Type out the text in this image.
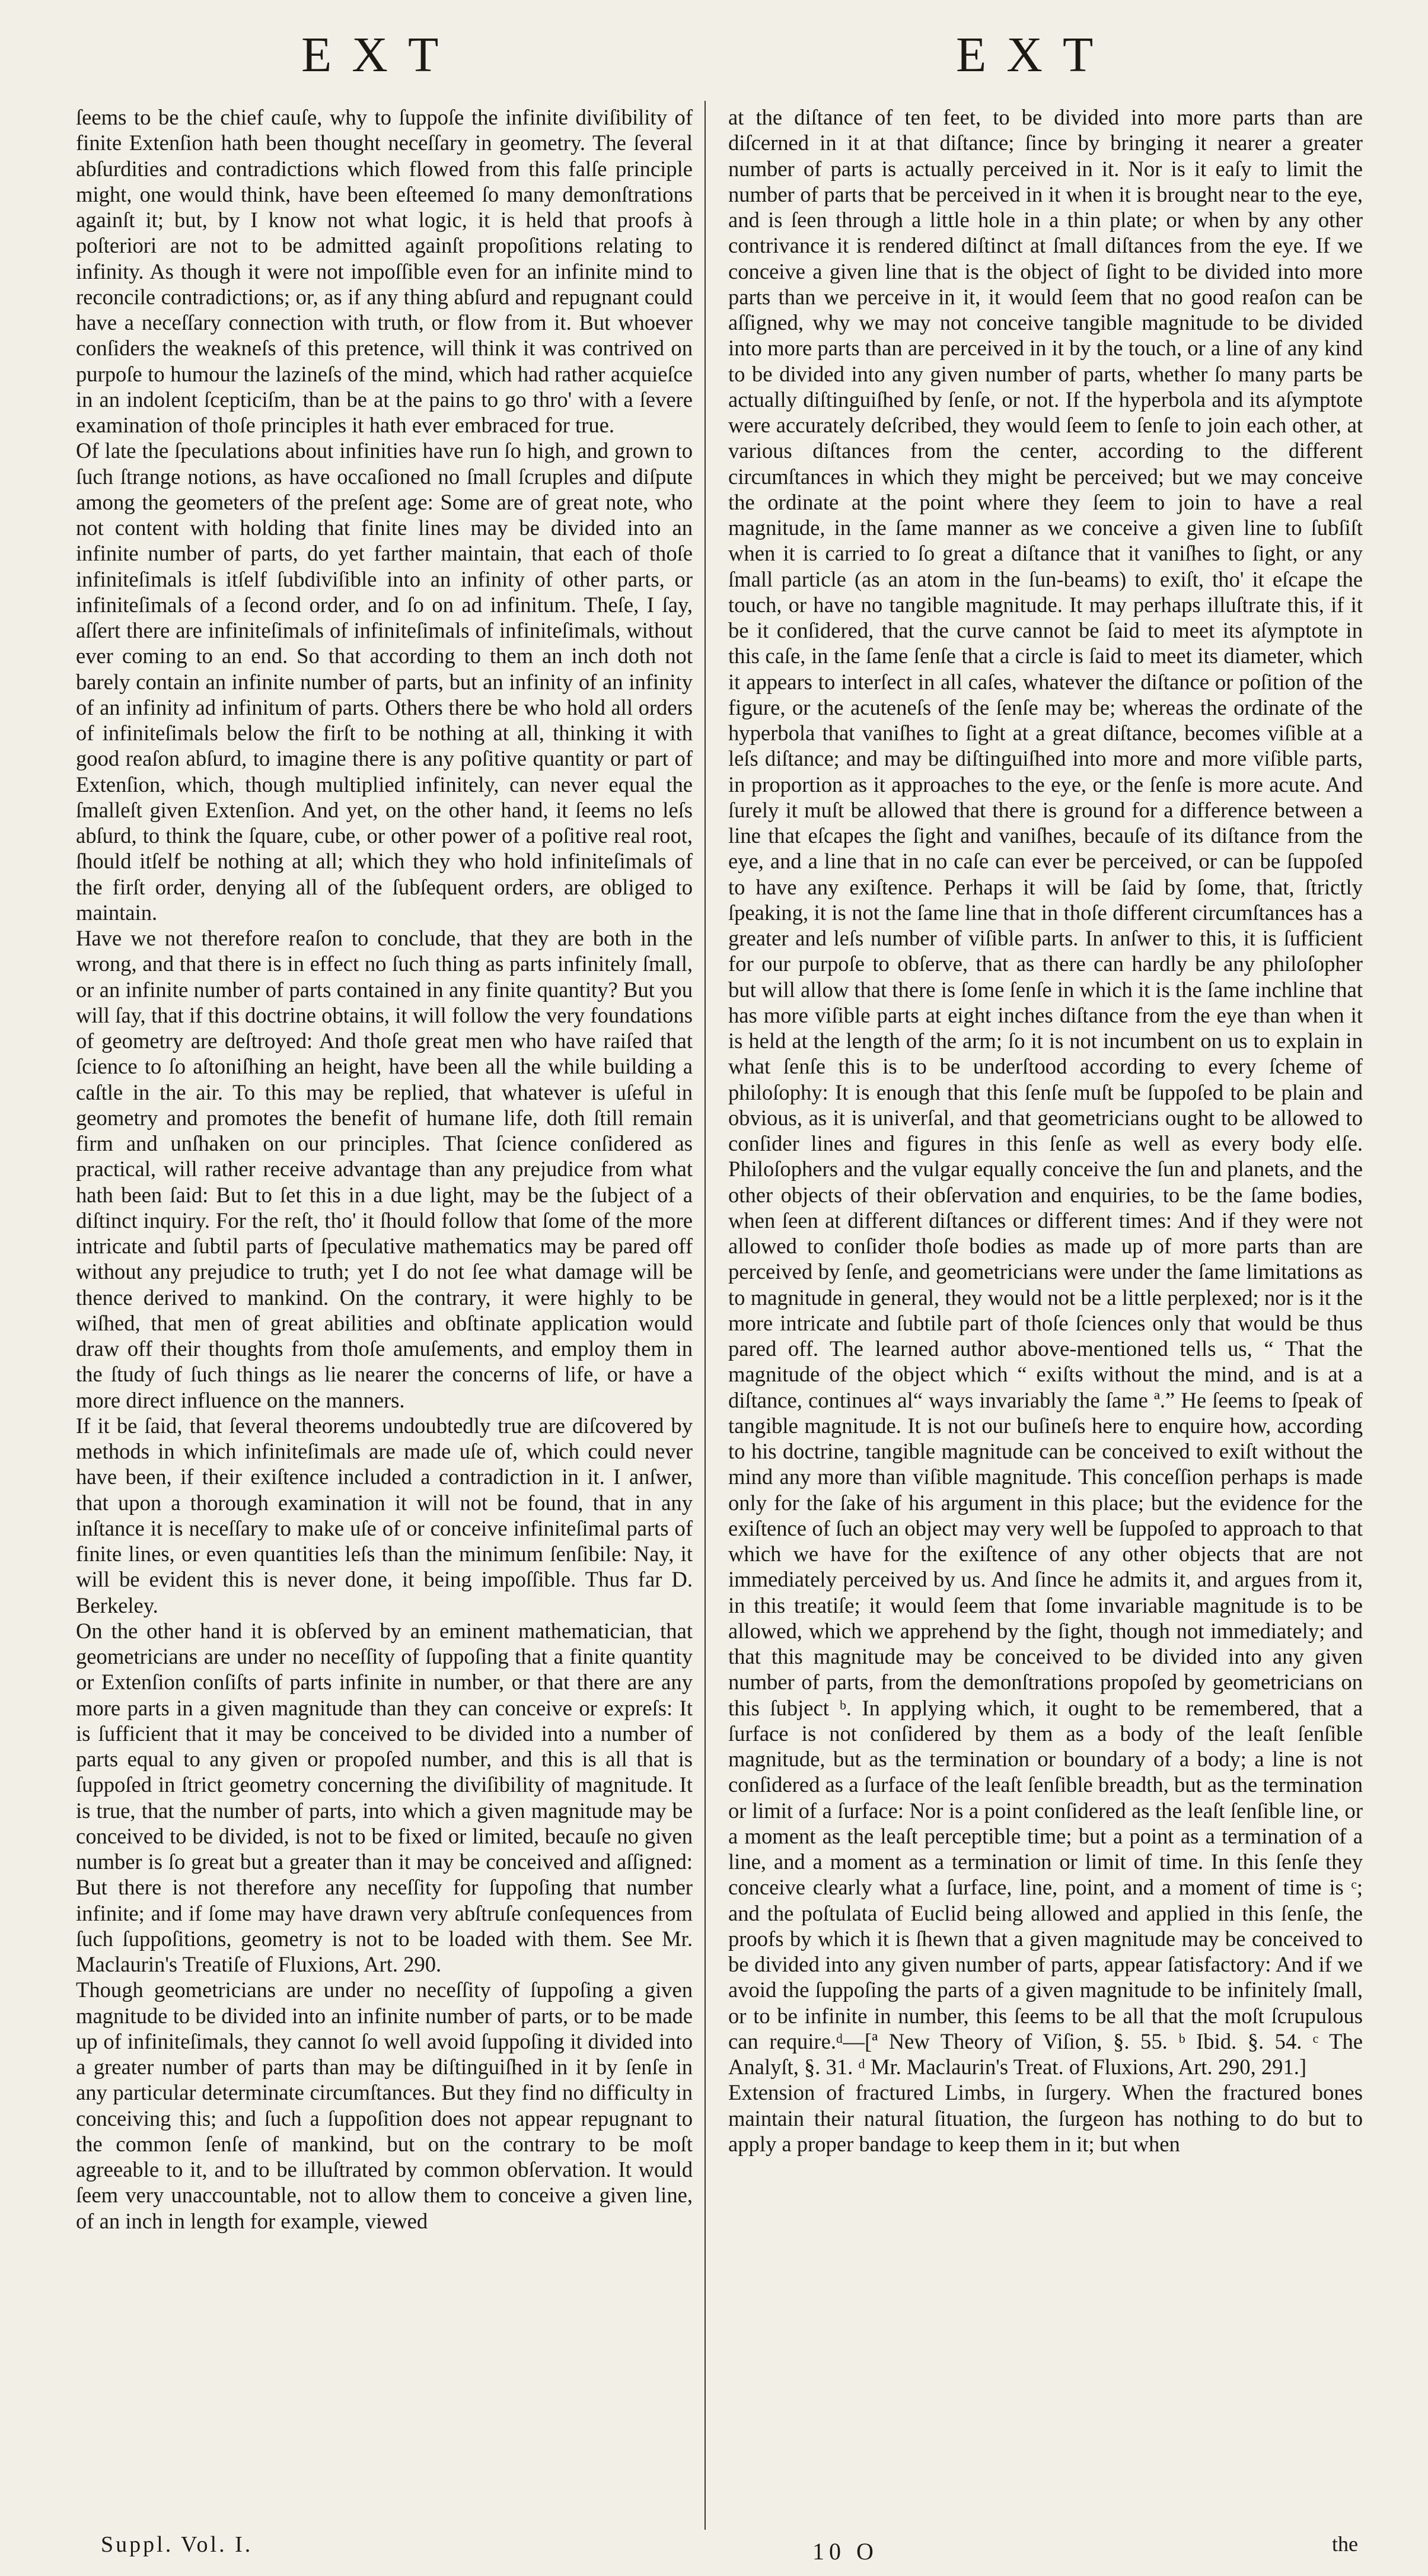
EXT	EXT

ſeems to be the chief cauſe, why to ſuppoſe the infinite diviſibility of finite Extenſion hath been thought neceſſary in geometry. The ſeveral abſurdities and contradictions which flowed from this falſe principle might, one would think, have been eſteemed ſo many demonſtrations againſt it; but, by I know not what logic, it is held that proofs à poſteriori are not to be admitted againſt propoſitions relating to infinity. As though it were not impoſſible even for an infinite mind to reconcile contradictions; or, as if any thing abſurd and repugnant could have a neceſſary connection with truth, or flow from it. But whoever conſiders the weakneſs of this pretence, will think it was contrived on purpoſe to humour the lazineſs of the mind, which had rather acquieſce in an indolent ſcepticiſm, than be at the pains to go thro' with a ſevere examination of thoſe principles it hath ever embraced for true.

Of late the ſpeculations about infinities have run ſo high, and grown to ſuch ſtrange notions, as have occaſioned no ſmall ſcruples and diſpute among the geometers of the preſent age: Some are of great note, who not content with holding that finite lines may be divided into an infinite number of parts, do yet farther maintain, that each of thoſe infiniteſimals is itſelf ſubdiviſible into an infinity of other parts, or infiniteſimals of a ſecond order, and ſo on ad infinitum. Theſe, I ſay, aſſert there are infiniteſimals of infiniteſimals of infiniteſimals, without ever coming to an end. So that according to them an inch doth not barely contain an infinite number of parts, but an infinity of an infinity of an infinity ad infinitum of parts. Others there be who hold all orders of infiniteſimals below the firſt to be nothing at all, thinking it with good reaſon abſurd, to imagine there is any poſitive quantity or part of Extenſion, which, though multiplied infinitely, can never equal the ſmalleſt given Extenſion. And yet, on the other hand, it ſeems no leſs abſurd, to think the ſquare, cube, or other power of a poſitive real root, ſhould itſelf be nothing at all; which they who hold infiniteſimals of the firſt order, denying all of the ſubſequent orders, are obliged to maintain.

Have we not therefore reaſon to conclude, that they are both in the wrong, and that there is in effect no ſuch thing as parts infinitely ſmall, or an infinite number of parts contained in any finite quantity? But you will ſay, that if this doctrine obtains, it will follow the very foundations of geometry are deſtroyed: And thoſe great men who have raiſed that ſcience to ſo aſtoniſhing an height, have been all the while building a caſtle in the air. To this may be replied, that whatever is uſeful in geometry and promotes the benefit of humane life, doth ſtill remain firm and unſhaken on our principles. That ſcience conſidered as practical, will rather receive advantage than any prejudice from what hath been ſaid: But to ſet this in a due light, may be the ſubject of a diſtinct inquiry. For the reſt, tho' it ſhould follow that ſome of the more intricate and ſubtil parts of ſpeculative mathematics may be pared off without any prejudice to truth; yet I do not ſee what damage will be thence derived to mankind. On the contrary, it were highly to be wiſhed, that men of great abilities and obſtinate application would draw off their thoughts from thoſe amuſements, and employ them in the ſtudy of ſuch things as lie nearer the concerns of life, or have a more direct influence on the manners.

If it be ſaid, that ſeveral theorems undoubtedly true are diſcovered by methods in which infiniteſimals are made uſe of, which could never have been, if their exiſtence included a contradiction in it. I anſwer, that upon a thorough examination it will not be found, that in any inſtance it is neceſſary to make uſe of or conceive infiniteſimal parts of finite lines, or even quantities leſs than the minimum ſenſibile: Nay, it will be evident this is never done, it being impoſſible. Thus far D. Berkeley.

On the other hand it is obſerved by an eminent mathematician, that geometricians are under no neceſſity of ſuppoſing that a finite quantity or Extenſion conſiſts of parts infinite in number, or that there are any more parts in a given magnitude than they can conceive or expreſs: It is ſufficient that it may be conceived to be divided into a number of parts equal to any given or propoſed number, and this is all that is ſuppoſed in ſtrict geometry concerning the diviſibility of magnitude. It is true, that the number of parts, into which a given magnitude may be conceived to be divided, is not to be fixed or limited, becauſe no given number is ſo great but a greater than it may be conceived and aſſigned: But there is not therefore any neceſſity for ſuppoſing that number infinite; and if ſome may have drawn very abſtruſe conſequences from ſuch ſuppoſitions, geometry is not to be loaded with them. See Mr. Maclaurin's Treatiſe of Fluxions, Art. 290.

Though geometricians are under no neceſſity of ſuppoſing a given magnitude to be divided into an infinite number of parts, or to be made up of infiniteſimals, they cannot ſo well avoid ſuppoſing it divided into a greater number of parts than may be diſtinguiſhed in it by ſenſe in any particular determinate circumſtances. But they find no difficulty in conceiving this; and ſuch a ſuppoſition does not appear repugnant to the common ſenſe of mankind, but on the contrary to be moſt agreeable to it, and to be illuſtrated by common obſervation. It would ſeem very unaccountable, not to allow them to conceive a given line, of an inch in length for example, viewed

at the diſtance of ten feet, to be divided into more parts than are diſcerned in it at that diſtance; ſince by bringing it nearer a greater number of parts is actually perceived in it. Nor is it eaſy to limit the number of parts that be perceived in it when it is brought near to the eye, and is ſeen through a little hole in a thin plate; or when by any other contrivance it is rendered diſtinct at ſmall diſtances from the eye. If we conceive a given line that is the object of ſight to be divided into more parts than we perceive in it, it would ſeem that no good reaſon can be aſſigned, why we may not conceive tangible magnitude to be divided into more parts than are perceived in it by the touch, or a line of any kind to be divided into any given number of parts, whether ſo many parts be actually diſtinguiſhed by ſenſe, or not. If the hyperbola and its aſymptote were accurately deſcribed, they would ſeem to ſenſe to join each other, at various diſtances from the center, according to the different circumſtances in which they might be perceived; but we may conceive the ordinate at the point where they ſeem to join to have a real magnitude, in the ſame manner as we conceive a given line to ſubſiſt when it is carried to ſo great a diſtance that it vaniſhes to ſight, or any ſmall particle (as an atom in the ſun-beams) to exiſt, tho' it eſcape the touch, or have no tangible magnitude. It may perhaps illuſtrate this, if it be it conſidered, that the curve cannot be ſaid to meet its aſymptote in this caſe, in the ſame ſenſe that a circle is ſaid to meet its diameter, which it appears to interſect in all caſes, whatever the diſtance or poſition of the figure, or the acuteneſs of the ſenſe may be; whereas the ordinate of the hyperbola that vaniſhes to ſight at a great diſtance, becomes viſible at a leſs diſtance; and may be diſtinguiſhed into more and more viſible parts, in proportion as it approaches to the eye, or the ſenſe is more acute. And ſurely it muſt be allowed that there is ground for a difference between a line that eſcapes the ſight and vaniſhes, becauſe of its diſtance from the eye, and a line that in no caſe can ever be perceived, or can be ſuppoſed to have any exiſtence. Perhaps it will be ſaid by ſome, that, ſtrictly ſpeaking, it is not the ſame line that in thoſe different circumſtances has a greater and leſs number of viſible parts. In anſwer to this, it is ſufficient for our purpoſe to obſerve, that as there can hardly be any philoſopher but will allow that there is ſome ſenſe in which it is the ſame inchline that has more viſible parts at eight inches diſtance from the eye than when it is held at the length of the arm; ſo it is not incumbent on us to explain in what ſenſe this is to be underſtood according to every ſcheme of philoſophy: It is enough that this ſenſe muſt be ſuppoſed to be plain and obvious, as it is univerſal, and that geometricians ought to be allowed to conſider lines and figures in this ſenſe as well as every body elſe. Philoſophers and the vulgar equally conceive the ſun and planets, and the other objects of their obſervation and enquiries, to be the ſame bodies, when ſeen at different diſtances or different times: And if they were not allowed to conſider thoſe bodies as made up of more parts than are perceived by ſenſe, and geometricians were under the ſame limitations as to magnitude in general, they would not be a little perplexed; nor is it the more intricate and ſubtile part of thoſe ſciences only that would be thus pared off. The learned author above-mentioned tells us, “ That the magnitude of the object which “ exiſts without the mind, and is at a diſtance, continues al“ ways invariably the ſame ª.” He ſeems to ſpeak of tangible magnitude. It is not our buſineſs here to enquire how, according to his doctrine, tangible magnitude can be conceived to exiſt without the mind any more than viſible magnitude. This conceſſion perhaps is made only for the ſake of his argument in this place; but the evidence for the exiſtence of ſuch an object may very well be ſuppoſed to approach to that which we have for the exiſtence of any other objects that are not immediately perceived by us. And ſince he admits it, and argues from it, in this treatiſe; it would ſeem that ſome invariable magnitude is to be allowed, which we apprehend by the ſight, though not immediately; and that this magnitude may be conceived to be divided into any given number of parts, from the demonſtrations propoſed by geometricians on this ſubject ᵇ. In applying which, it ought to be remembered, that a ſurface is not conſidered by them as a body of the leaſt ſenſible magnitude, but as the termination or boundary of a body; a line is not conſidered as a ſurface of the leaſt ſenſible breadth, but as the termination or limit of a ſurface: Nor is a point conſidered as the leaſt ſenſible line, or a moment as the leaſt perceptible time; but a point as a termination of a line, and a moment as a termination or limit of time. In this ſenſe they conceive clearly what a ſurface, line, point, and a moment of time is ᶜ; and the poſtulata of Euclid being allowed and applied in this ſenſe, the proofs by which it is ſhewn that a given magnitude may be conceived to be divided into any given number of parts, appear ſatisfactory: And if we avoid the ſuppoſing the parts of a given magnitude to be infinitely ſmall, or to be infinite in number, this ſeems to be all that the moſt ſcrupulous can require.ᵈ—[ª New Theory of Viſion, §. 55. ᵇ Ibid. §. 54. ᶜ The Analyſt, §. 31. ᵈ Mr. Maclaurin's Treat. of Fluxions, Art. 290, 291.]

Extension of fractured Limbs, in ſurgery. When the fractured bones maintain their natural ſituation, the ſurgeon has nothing to do but to apply a proper bandage to keep them in it; but when

Suppl. Vol. I.	10 O	the
